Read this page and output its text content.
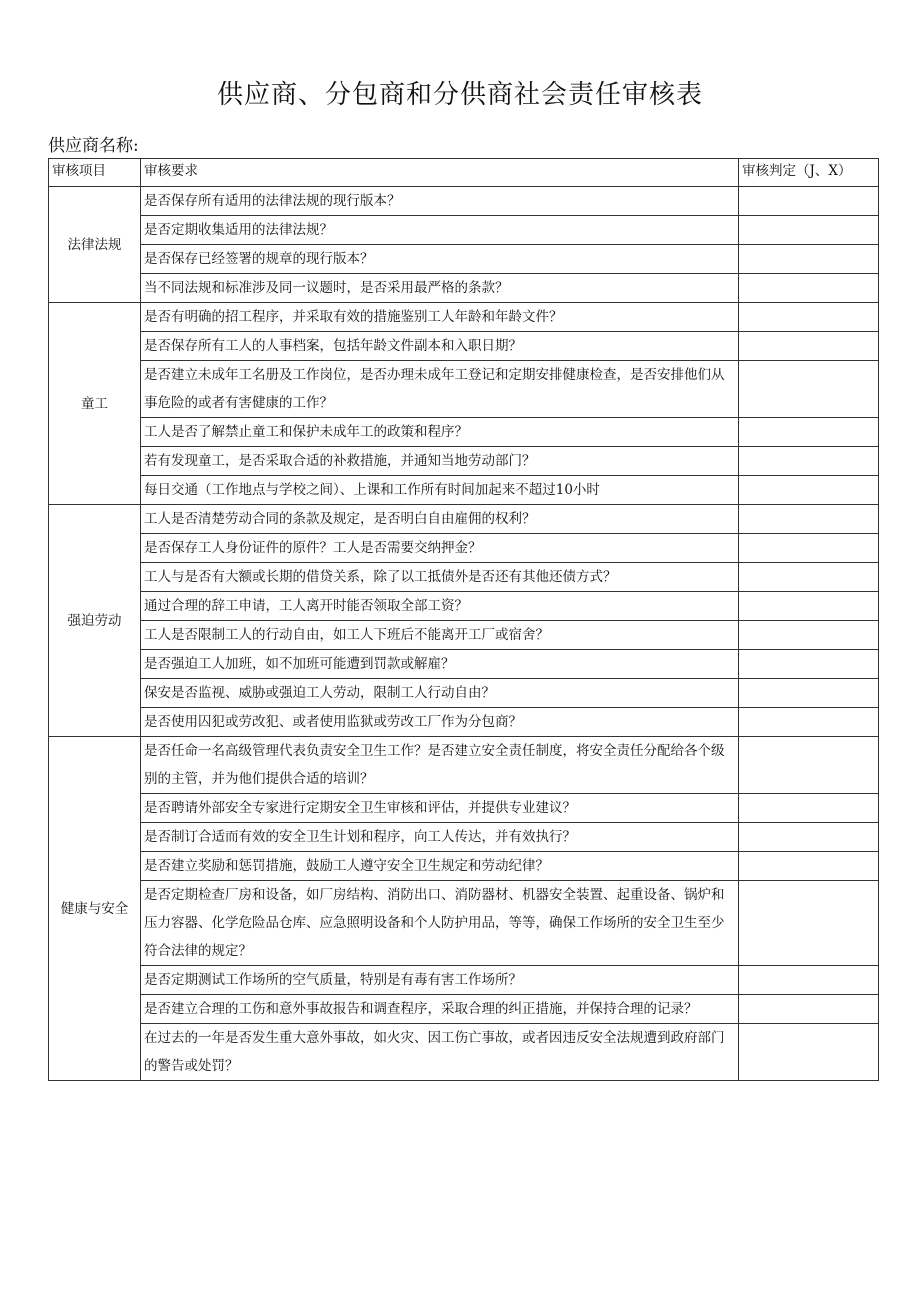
供应商、分包商和分供商社会责任审核表
供应商名称:
审核项目	审核要求	审核判定（J、X）
法律法规	是否保存所有适用的法律法规的现行版本？	
	是否定期收集适用的法律法规？	
	是否保存已经签署的规章的现行版本？	
	当不同法规和标准涉及同一议题时，是否采用最严格的条款？	
童工	是否有明确的招工程序，并采取有效的措施鉴别工人年龄和年龄文件？	
	是否保存所有工人的人事档案，包括年龄文件副本和入职日期？	
	是否建立未成年工名册及工作岗位，是否办理未成年工登记和定期安排健康检查，是否安排他们从事危险的或者有害健康的工作？	
	工人是否了解禁止童工和保护未成年工的政策和程序？	
	若有发现童工，是否采取合适的补救措施，并通知当地劳动部门？	
	每日交通（工作地点与学校之间）、上课和工作所有时间加起来不超过10小时	
强迫劳动	工人是否清楚劳动合同的条款及规定，是否明白自由雇佣的权利？	
	是否保存工人身份证件的原件？工人是否需要交纳押金？	
	工人与是否有大额或长期的借贷关系，除了以工抵债外是否还有其他还债方式？	
	通过合理的辞工申请，工人离开时能否领取全部工资？	
	工人是否限制工人的行动自由，如工人下班后不能离开工厂或宿舍？	
	是否强迫工人加班，如不加班可能遭到罚款或解雇？	
	保安是否监视、威胁或强迫工人劳动，限制工人行动自由？	
	是否使用囚犯或劳改犯、或者使用监狱或劳改工厂作为分包商？	
健康与安全	是否任命一名高级管理代表负责安全卫生工作？是否建立安全责任制度，将安全责任分配给各个级别的主管，并为他们提供合适的培训？	
	是否聘请外部安全专家进行定期安全卫生审核和评估，并提供专业建议？	
	是否制订合适而有效的安全卫生计划和程序，向工人传达，并有效执行？	
	是否建立奖励和惩罚措施，鼓励工人遵守安全卫生规定和劳动纪律？	
	是否定期检查厂房和设备，如厂房结构、消防出口、消防器材、机器安全装置、起重设备、锅炉和压力容器、化学危险品仓库、应急照明设备和个人防护用品，等等，确保工作场所的安全卫生至少符合法律的规定？	
	是否定期测试工作场所的空气质量，特别是有毒有害工作场所？	
	是否建立合理的工伤和意外事故报告和调查程序，采取合理的纠正措施，并保持合理的记录？	
	在过去的一年是否发生重大意外事故，如火灾、因工伤亡事故，或者因违反安全法规遭到政府部门的警告或处罚？	
